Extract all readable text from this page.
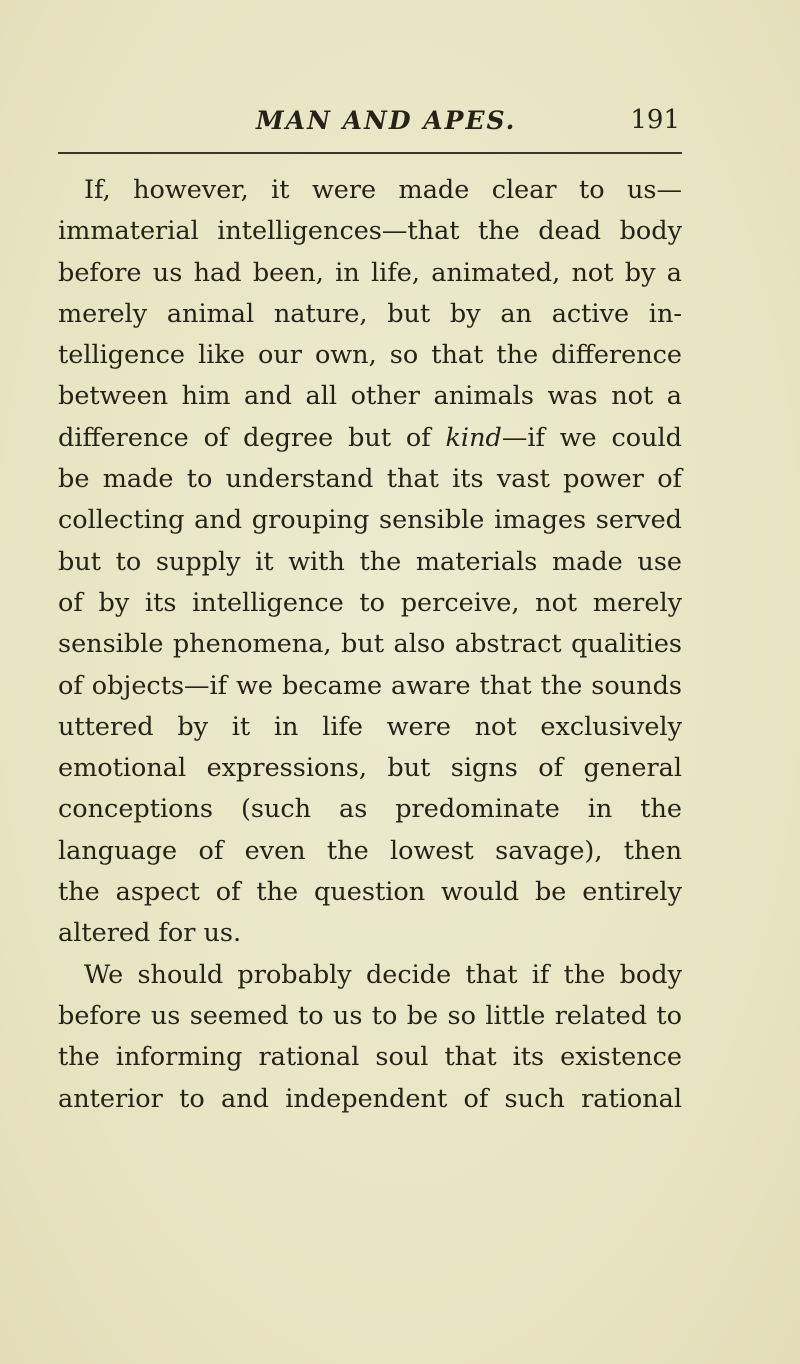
MAN AND APES.	191
If, however, it were made clear to us—
immaterial intelligences—that the dead body
before us had been, in life, animated, not by a
merely animal nature, but by an active in-
telligence like our own, so that the difference
between him and all other animals was not a
difference of degree but of kind—if we could
be made to understand that its vast power of
collecting and grouping sensible images served
but to supply it with the materials made use
of by its intelligence to perceive, not merely
sensible phenomena, but also abstract qualities
of objects—if we became aware that the sounds
uttered by it in life were not exclusively
emotional expressions, but signs of general
conceptions (such as predominate in the
language of even the lowest savage), then
the aspect of the question would be entirely
altered for us.
We should probably decide that if the body
before us seemed to us to be so little related to
the informing rational soul that its existence
anterior to and independent of such rational
